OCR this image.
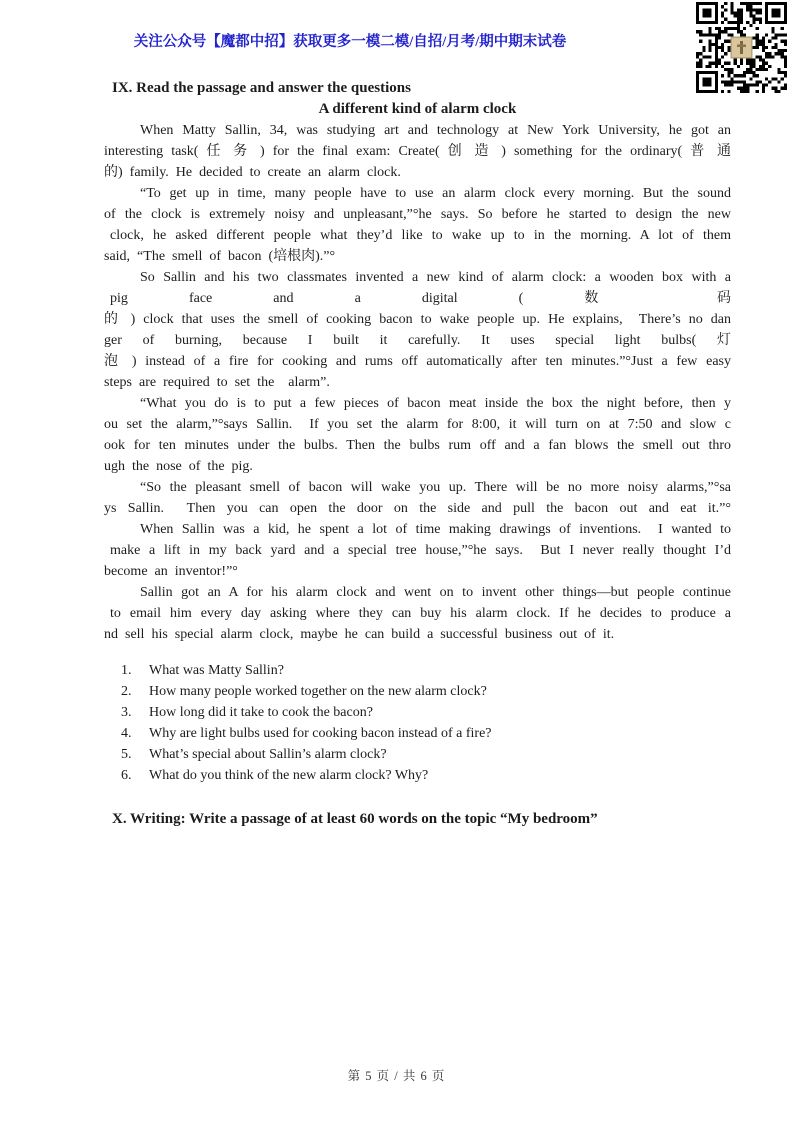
关注公众号【魔都中招】获取更多一模二模/自招/月考/期中期末试卷
IX. Read the passage and answer the questions
A different kind of alarm clock
When Matty Sallin, 34, was studying art and technology at New York University, he got an
interesting task( 任 务 ) for the final exam: Create( 创 造 ) something for the ordinary( 普 通
的) family. He decided to create an alarm clock.
“To get up in time, many people have to use an alarm clock every morning. But the sound
of the clock is extremely noisy and unpleasant,”°he says. So before he started to design the new
clock, he asked different people what they’d like to wake up to in the morning. A lot of them
said, “The smell of bacon (培根肉).”°
So Sallin and his two classmates invented a new kind of alarm clock: a wooden box with a
pig face and a digital ( 数 码
的 ) clock that uses the smell of cooking bacon to wake people up. He explains,  There’s no dan
ger of burning, because I built it carefully. It uses special light bulbs( 灯
泡 ) instead of a fire for cooking and rums off automatically after ten minutes.”°Just a few easy
steps are required to set the  alarm”.
“What you do is to put a few pieces of bacon meat inside the box the night before, then y
ou set the alarm,”°says Sallin.  If you set the alarm for 8:00, it will turn on at 7:50 and slow c
ook for ten minutes under the bulbs. Then the bulbs rum off and a fan blows the smell out thro
ugh the nose of the pig.
“So the pleasant smell of bacon will wake you up. There will be no more noisy alarms,”°sa
ys Sallin.  Then you can open the door on the side and pull the bacon out and eat it.”°
When Sallin was a kid, he spent a lot of time making drawings of inventions.  I wanted to
make a lift in my back yard and a special tree house,”°he says.  But I never really thought I’d
become an inventor!”°
Sallin got an A for his alarm clock and went on to invent other things—but people continue
to email him every day asking where they can buy his alarm clock. If he decides to produce a
nd sell his special alarm clock, maybe he can build a successful business out of it.
1.	What was Matty Sallin?
2.	How many people worked together on the new alarm clock?
3.	How long did it take to cook the bacon?
4.	Why are light bulbs used for cooking bacon instead of a fire?
5.	What’s special about Sallin’s alarm clock?
6.	What do you think of the new alarm clock? Why?
X. Writing: Write a passage of at least 60 words on the topic “My bedroom”
第 5 页 / 共 6 页
